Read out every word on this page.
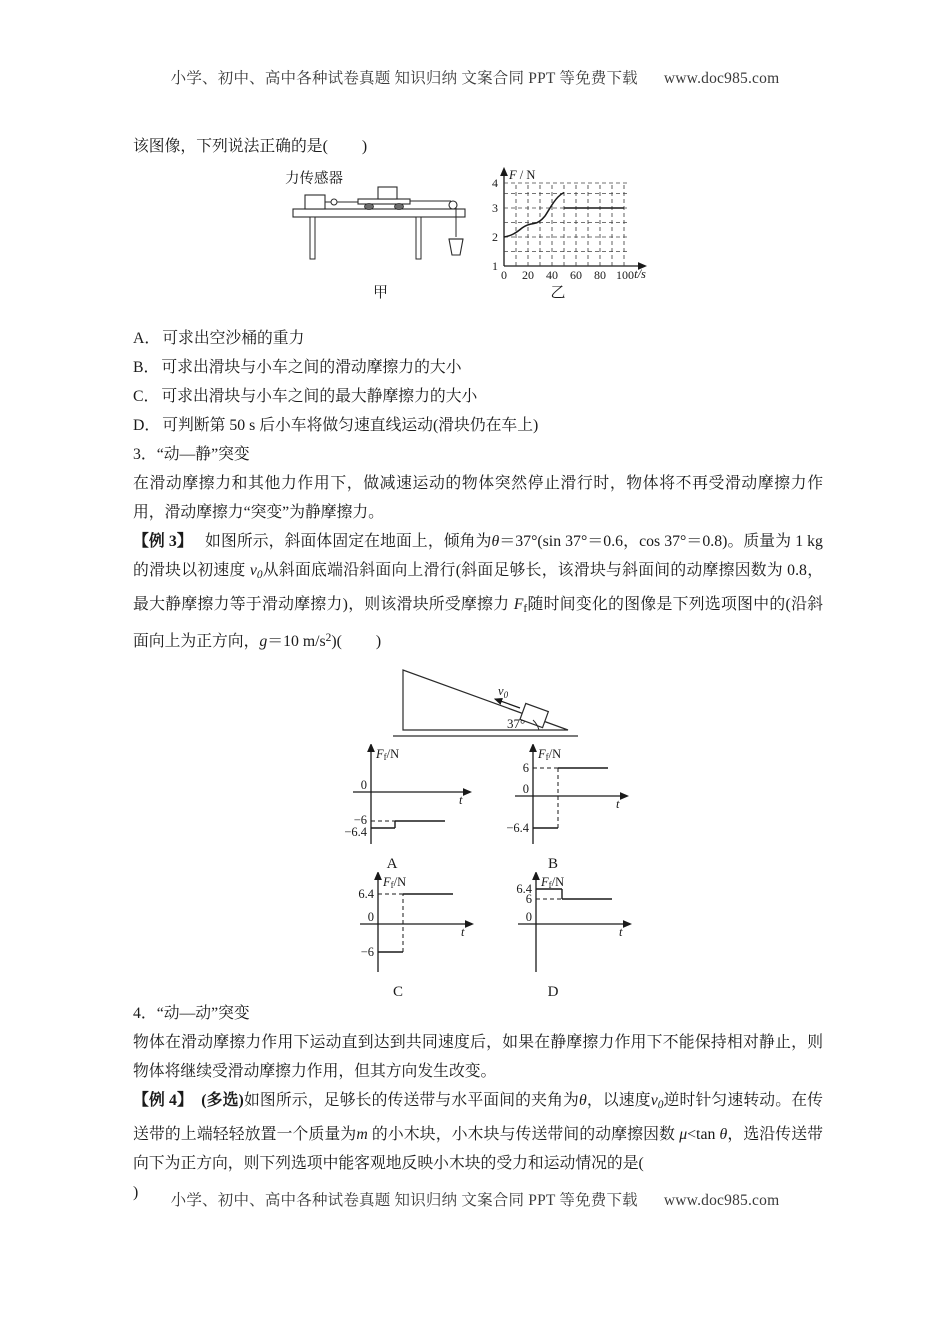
小学、初中、高中各种试卷真题 知识归纳 文案合同 PPT 等免费下载 www.doc985.com

该图像，下列说法正确的是( )

力传感器
甲
4
3
2
1
0 20 40 60 80 100
F / N
t/s
乙

A． 可求出空沙桶的重力

B． 可求出滑块与小车之间的滑动摩擦力的大小

C． 可求出滑块与小车之间的最大静摩擦力的大小

D． 可判断第 50 s 后小车将做匀速直线运动(滑块仍在车上)

3．“动—静”突变

在滑动摩擦力和其他力作用下，做减速运动的物体突然停止滑行时，物体将不再受滑动摩擦力作用，滑动摩擦力“突变”为静摩擦力。

【例 3】 如图所示，斜面体固定在地面上，倾角为θ＝37°(sin 37°＝0.6，cos 37°＝0.8)。质量为 1 kg 的滑块以初速度 $v_0$从斜面底端沿斜面向上滑行(斜面足够长，该滑块与斜面间的动摩擦因数为 0.8，最大静摩擦力等于滑动摩擦力)，则该滑块所受摩擦力 Ff随时间变化的图像是下列选项图中的(沿斜面向上为正方向，g＝10 $m/s^2$)( )

$v_0$
37°
0
−6
−6.4
Ff/N
t
A
6
0
−6.4
Ff/N
t
B
6.4
0
−6
Ff/N
t
C
6.4
6
0
Ff/N
t
D

4．“动—动”突变

物体在滑动摩擦力作用下运动直到达到共同速度后，如果在静摩擦力作用下不能保持相对静止，则物体将继续受滑动摩擦力作用，但其方向发生改变。

【例 4】 (多选)如图所示，足够长的传送带与水平面间的夹角为θ，以速度$v_0$逆时针匀速转动。在传送带的上端轻轻放置一个质量为m 的小木块，小木块与传送带间的动摩擦因数 μ<tan θ，选沿传送带向下为正方向，则下列选项中能客观地反映小木块的受力和运动情况的是(

)	小学、初中、高中各种试卷真题 知识归纳 文案合同 PPT 等免费下载 www.doc985.com
